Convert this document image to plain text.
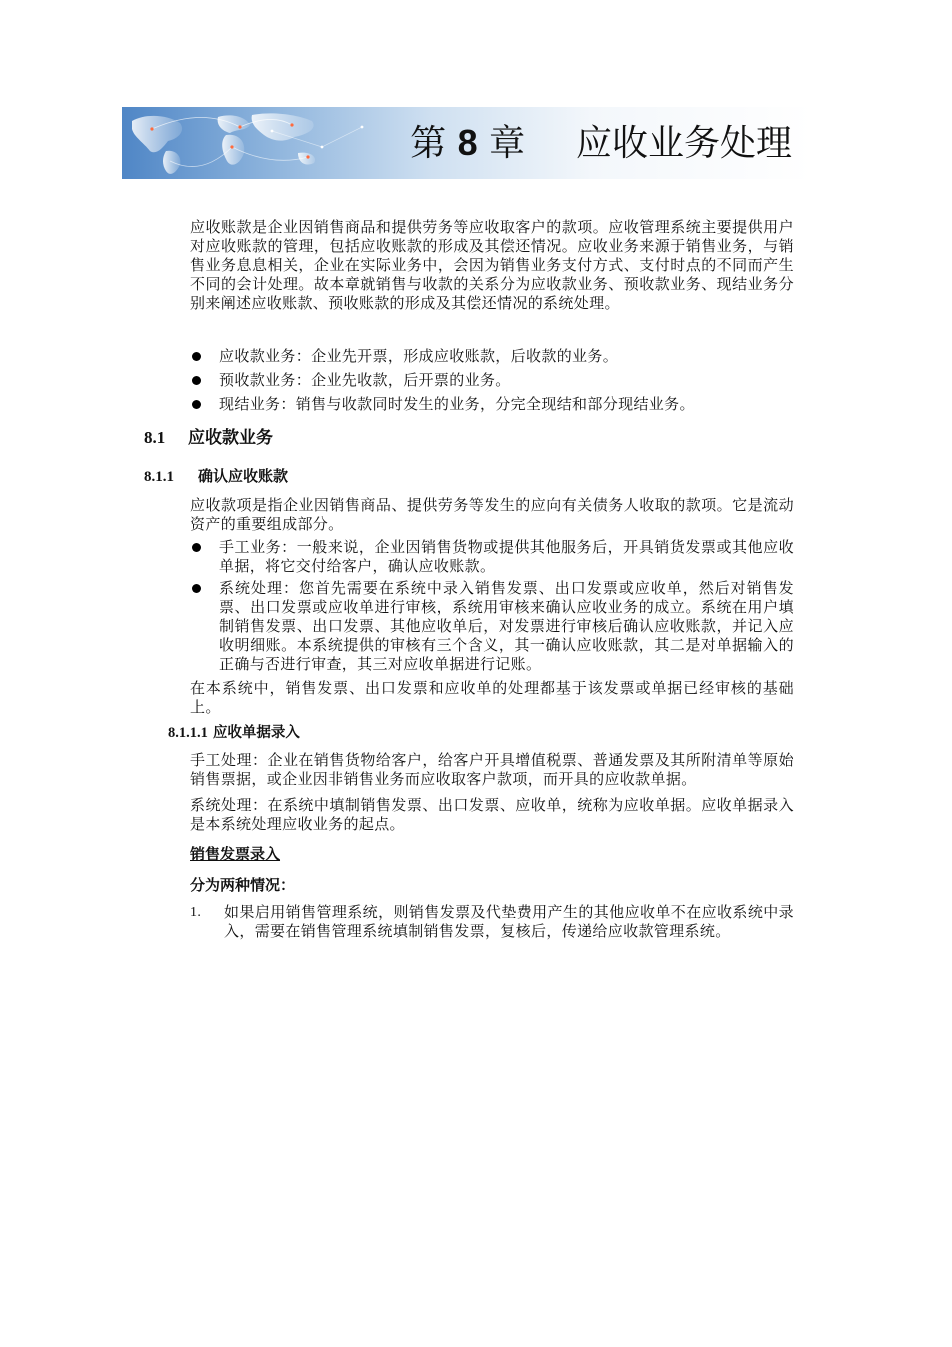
第 8 章 应收业务处理

应收账款是企业因销售商品和提供劳务等应收取客户的款项。应收管理系统主要提供用户对应收账款的管理，包括应收账款的形成及其偿还情况。应收业务来源于销售业务，与销售业务息息相关，企业在实际业务中，会因为销售业务支付方式、支付时点的不同而产生不同的会计处理。故本章就销售与收款的关系分为应收款业务、预收款业务、现结业务分别来阐述应收账款、预收账款的形成及其偿还情况的系统处理。

应收款业务：企业先开票，形成应收账款，后收款的业务。
预收款业务：企业先收款，后开票的业务。
现结业务：销售与收款同时发生的业务，分完全现结和部分现结业务。
8.1 应收款业务
8.1.1 确认应收账款

应收款项是指企业因销售商品、提供劳务等发生的应向有关债务人收取的款项。它是流动资产的重要组成部分。

手工业务：一般来说，企业因销售货物或提供其他服务后，开具销货发票或其他应收单据，将它交付给客户，确认应收账款。
系统处理：您首先需要在系统中录入销售发票、出口发票或应收单，然后对销售发票、出口发票或应收单进行审核，系统用审核来确认应收业务的成立。系统在用户填制销售发票、出口发票、其他应收单后，对发票进行审核后确认应收账款，并记入应收明细账。本系统提供的审核有三个含义，其一确认应收账款，其二是对单据输入的正确与否进行审查，其三对应收单据进行记账。

在本系统中，销售发票、出口发票和应收单的处理都基于该发票或单据已经审核的基础上。

8.1.1.1 应收单据录入

手工处理：企业在销售货物给客户，给客户开具增值税票、普通发票及其所附清单等原始销售票据，或企业因非销售业务而应收取客户款项，而开具的应收款单据。

系统处理：在系统中填制销售发票、出口发票、应收单，统称为应收单据。应收单据录入是本系统处理应收业务的起点。

销售发票录入
分为两种情况：
1. 如果启用销售管理系统，则销售发票及代垫费用产生的其他应收单不在应收系统中录入，需要在销售管理系统填制销售发票，复核后，传递给应收款管理系统。
